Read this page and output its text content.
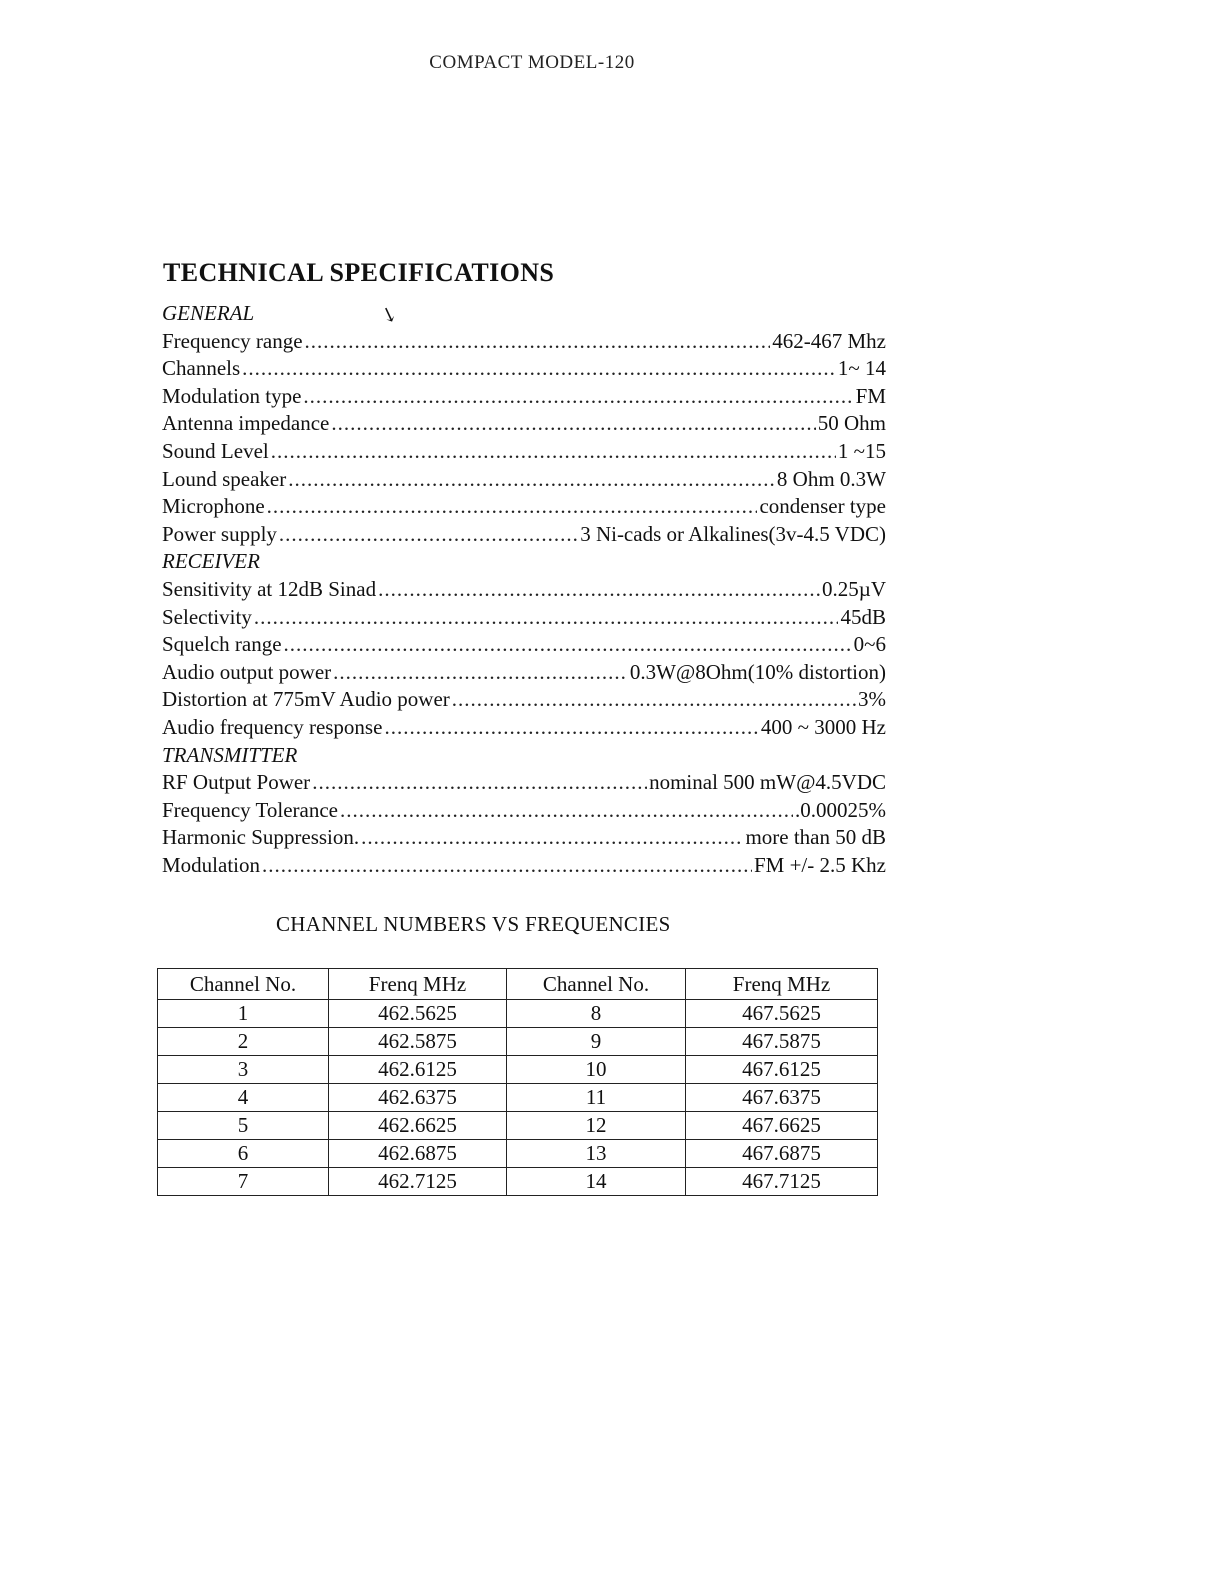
COMPACT MODEL-120
TECHNICAL SPECIFICATIONS
GENERAL	↘
Frequency range .....	462-467 Mhz
Channels .....	1~ 14
Modulation type .....	FM
Antenna impedance .....	50 Ohm
Sound Level .....	1 ~15
Lound speaker .....	8 Ohm 0.3W
Microphone .....	condenser type
Power supply .....	3 Ni-cads or Alkalines(3v-4.5 VDC)
RECEIVER
Sensitivity at 12dB Sinad .....	0.25µV
Selectivity .....	45dB
Squelch range .....	0~6
Audio output power .....	0.3W@8Ohm(10% distortion)
Distortion at 775mV Audio power .....	3%
Audio frequency response .....	400 ~ 3000 Hz
TRANSMITTER
RF Output Power .....	nominal 500 mW@4.5VDC
Frequency Tolerance .....	.0.00025%
Harmonic Suppression. .....	more than 50 dB
Modulation .....	FM +/- 2.5 Khz
CHANNEL NUMBERS VS FREQUENCIES
Channel No.	Frenq MHz	Channel No.	Frenq MHz
1	462.5625	8	467.5625
2	462.5875	9	467.5875
3	462.6125	10	467.6125
4	462.6375	11	467.6375
5	462.6625	12	467.6625
6	462.6875	13	467.6875
7	462.7125	14	467.7125
